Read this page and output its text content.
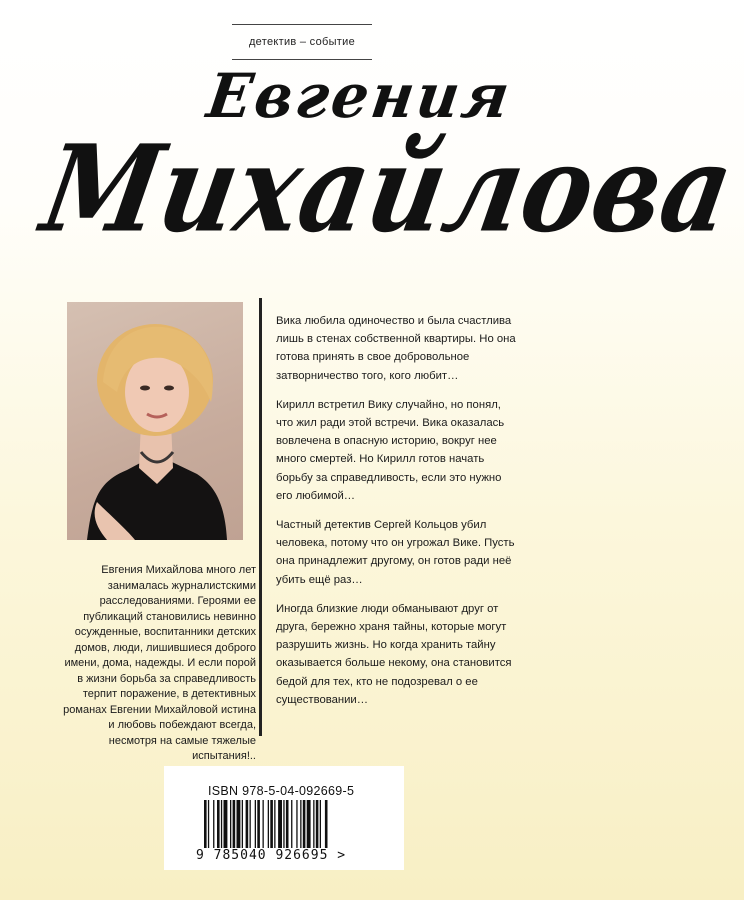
детектив – событие
Евгения
Михайлова
Евгения Михайлова много лет занималась журналистскими расследованиями. Героями ее публикаций становились невинно осужденные, воспитанники детских домов, люди, лишившиеся доброго имени, дома, надежды. И если порой в жизни борьба за справедливость терпит поражение, в детективных романах Евгении Михайловой истина и любовь побеждают всегда, несмотря на самые тяжелые испытания!..

Вика любила одиночество и была счастлива лишь в стенах собственной квартиры. Но она готова принять в свое добровольное затворничество того, кого любит…

Кирилл встретил Вику случайно, но понял, что жил ради этой встречи. Вика оказалась вовлечена в опасную историю, вокруг нее много смертей. Но Кирилл готов начать борьбу за справедливость, если это нужно его любимой…

Частный детектив Сергей Кольцов убил человека, потому что он угрожал Вике. Пусть она принадлежит другому, он готов ради неё убить ещё раз…

Иногда близкие люди обманывают друг от друга, бережно храня тайны, которые могут разрушить жизнь. Но когда хранить тайну оказывается больше некому, она становится бедой для тех, кто не подозревал о ее существовании…

ISBN 978-5-04-092669-5
9 785040 926695 >
